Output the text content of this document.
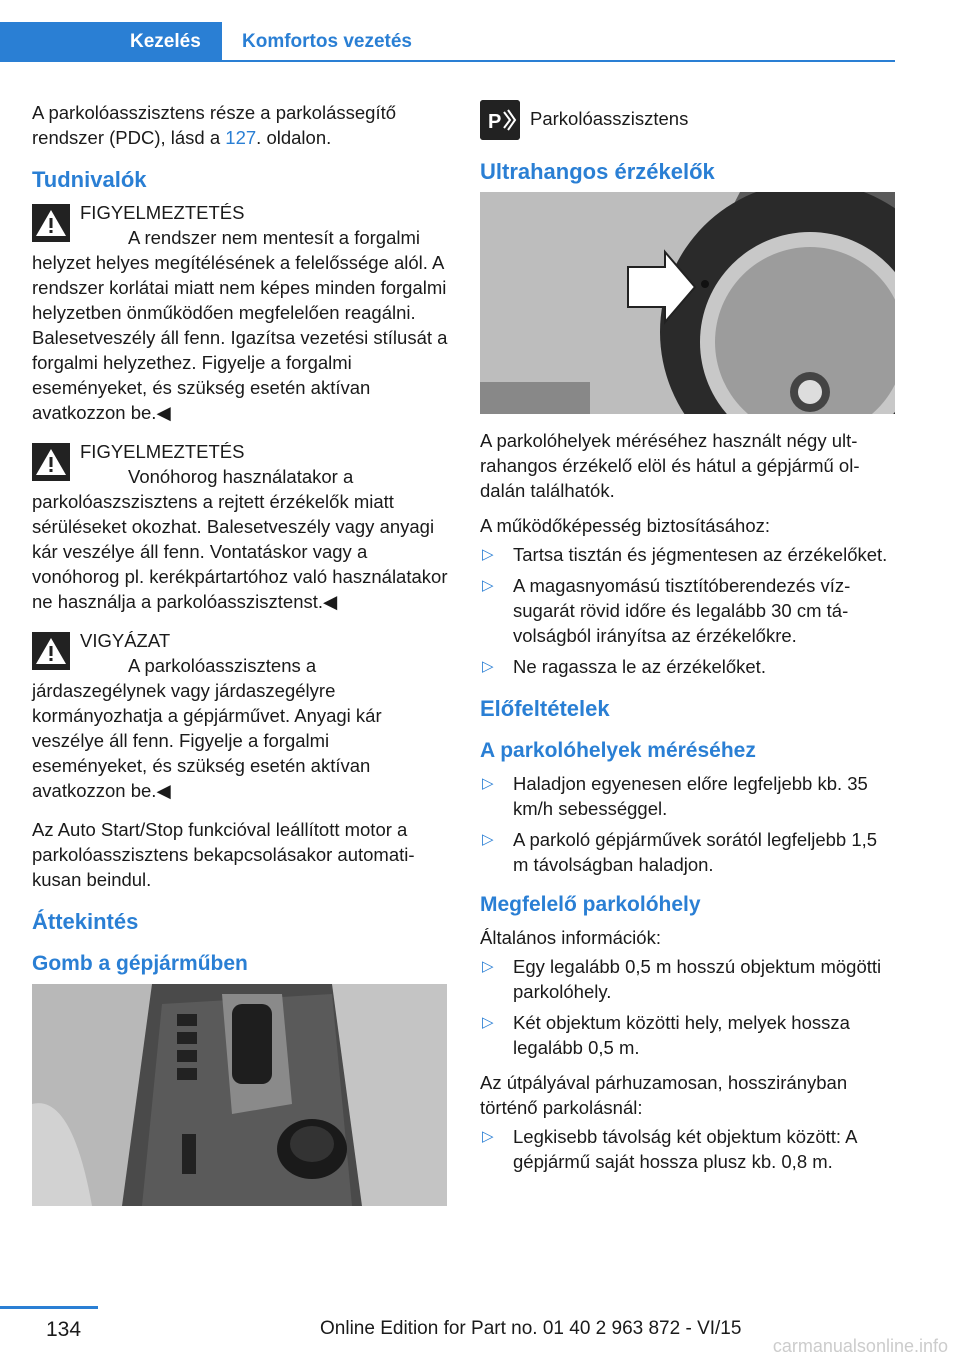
Kezelés	Komfortos vezetés

A parkolóasszisztens része a parkolássegítő rendszer (PDC), lásd a 127. oldalon.

Tudnivalók
FIGYELMEZTETÉS
A rendszer nem mentesít a forgalmi helyzet helyes megítélésének a felelőssége alól. A rendszer korlátai miatt nem képes minden forgalmi helyzetben önműködően megfelelően reagálni. Balesetveszély áll fenn. Igazítsa vezetési stílusát a forgalmi helyzethez. Figyelje a forgalmi eseményeket, és szükség esetén aktívan avatkozzon be.◀
FIGYELMEZTETÉS
Vonóhorog használatakor a parkolóaszszisztens a rejtett érzékelők miatt sérüléseket okozhat. Balesetveszély vagy anyagi kár veszélye áll fenn. Vontatáskor vagy a vonóhorog pl. kerékpártartóhoz való használatakor ne használja a parkolóasszisztenst.◀
VIGYÁZAT
A parkolóasszisztens a járdaszegélynek vagy járdaszegélyre kormányozhatja a gépjárművet. Anyagi kár veszélye áll fenn. Figyelje a forgalmi eseményeket, és szükség esetén aktívan avatkozzon be.◀

Az Auto Start/Stop funkcióval leállított motor a parkolóasszisztens bekapcsolásakor automatikusan beindul.

Áttekintés
Gomb a gépjárműben
P Parkolóasszisztens
Ultrahangos érzékelők

A parkolóhelyek méréséhez használt négy ultrahangos érzékelő elöl és hátul a gépjármű oldalán találhatók.

A működőképesség biztosításához:

▷ Tartsa tisztán és jégmentesen az érzékelőket.
▷ A magasnyomású tisztítóberendezés vízsugarát rövid időre és legalább 30 cm távolságból irányítsa az érzékelőkre.
▷ Ne ragassza le az érzékelőket.
Előfeltételek
A parkolóhelyek méréséhez
▷ Haladjon egyenesen előre legfeljebb kb. 35 km/h sebességgel.
▷ A parkoló gépjárművek sorától legfeljebb 1,5 m távolságban haladjon.
Megfelelő parkolóhely

Általános információk:

▷ Egy legalább 0,5 m hosszú objektum mögötti parkolóhely.
▷ Két objektum közötti hely, melyek hossza legalább 0,5 m.

Az útpályával párhuzamosan, hosszirányban történő parkolásnál:

▷ Legkisebb távolság két objektum között: A gépjármű saját hossza plusz kb. 0,8 m.
134	Online Edition for Part no. 01 40 2 963 872 - VI/15
carmanualsonline.info
